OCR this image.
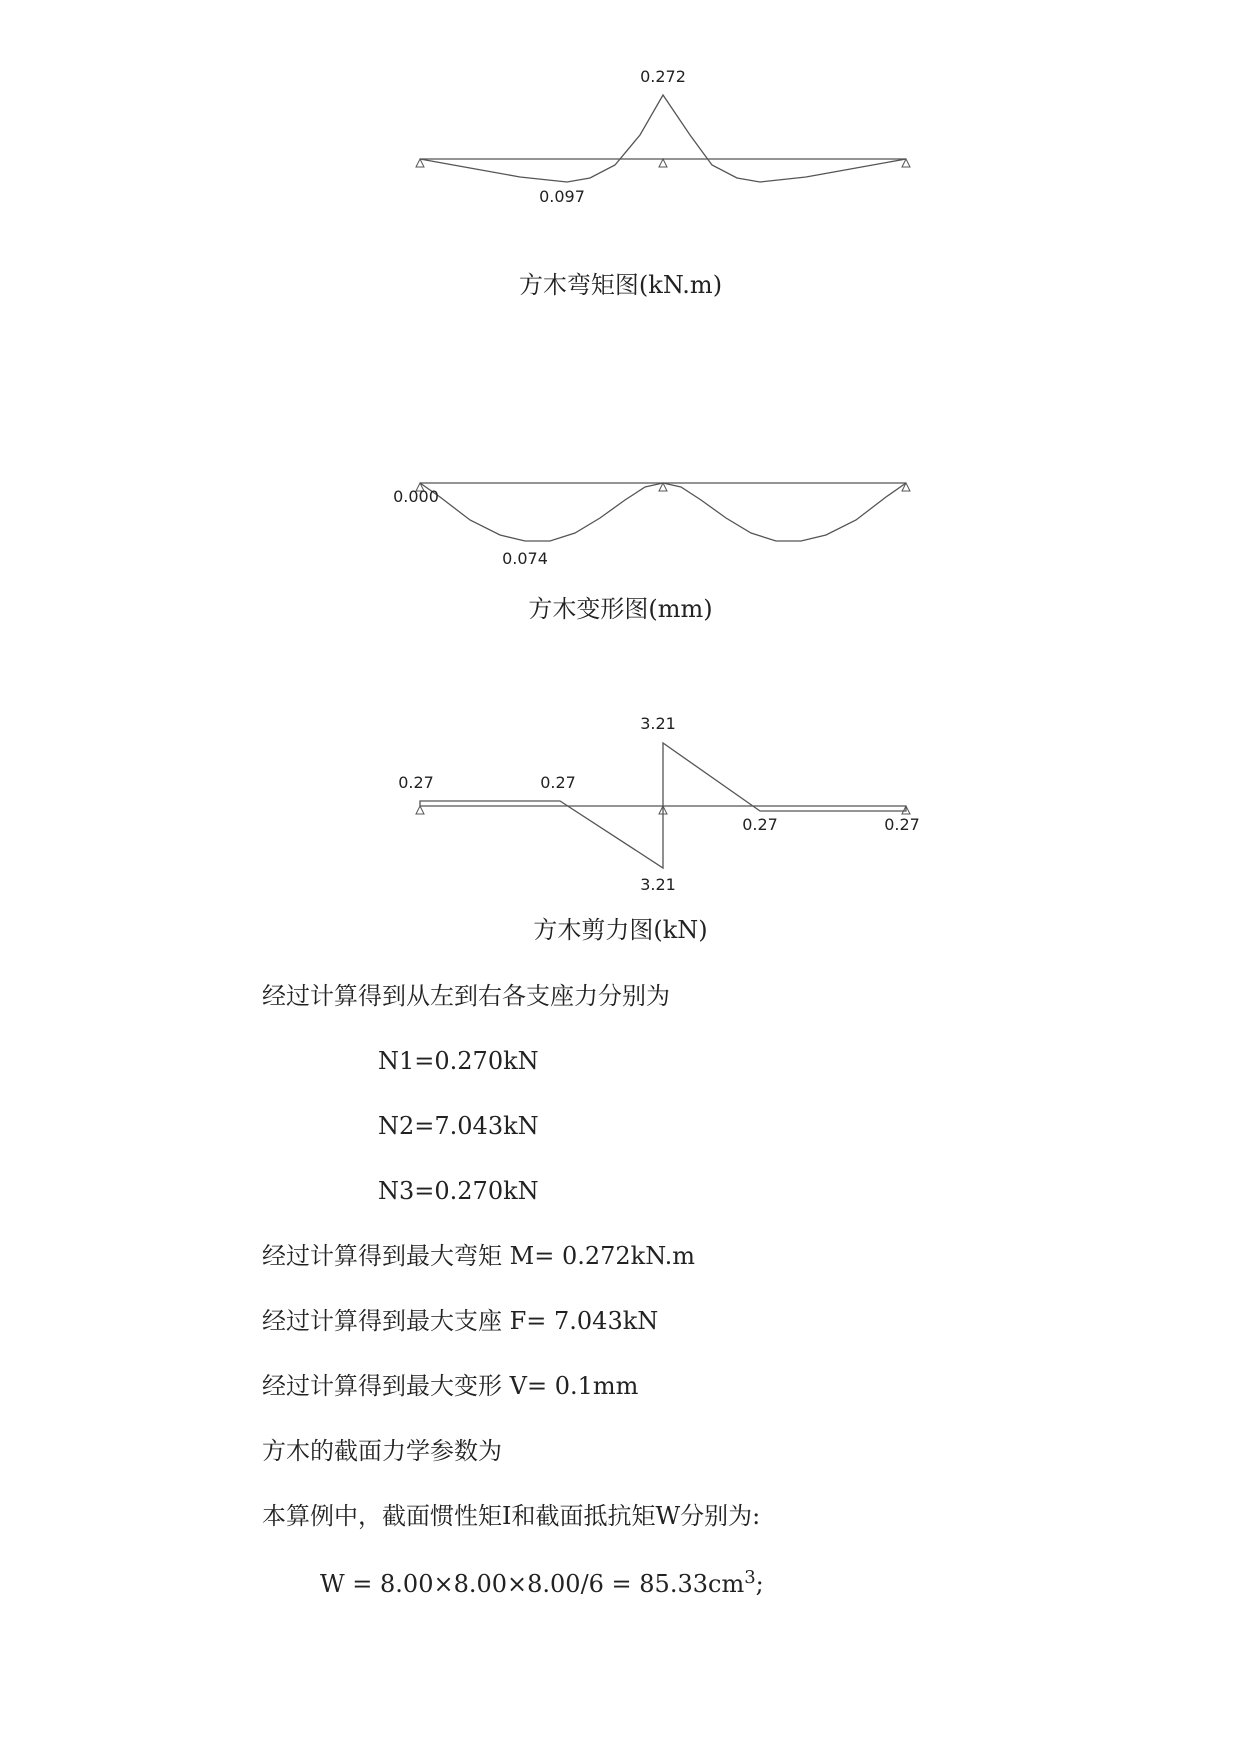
0.272
0.097
方木弯矩图(kN.m)
0.000
0.074
方木变形图(mm)
0.27	0.27
3.21
3.21
0.27	0.27
方木剪力图(kN)
经过计算得到从左到右各支座力分别为
N1=0.270kN
N2=7.043kN
N3=0.270kN
经过计算得到最大弯矩 M= 0.272kN.m
经过计算得到最大支座 F= 7.043kN
经过计算得到最大变形 V= 0.1mm
方木的截面力学参数为
本算例中，截面惯性矩I和截面抵抗矩W分别为:
$W = 8.00\times 8.00\times 8.00/6 = 85.33cm^3$;
